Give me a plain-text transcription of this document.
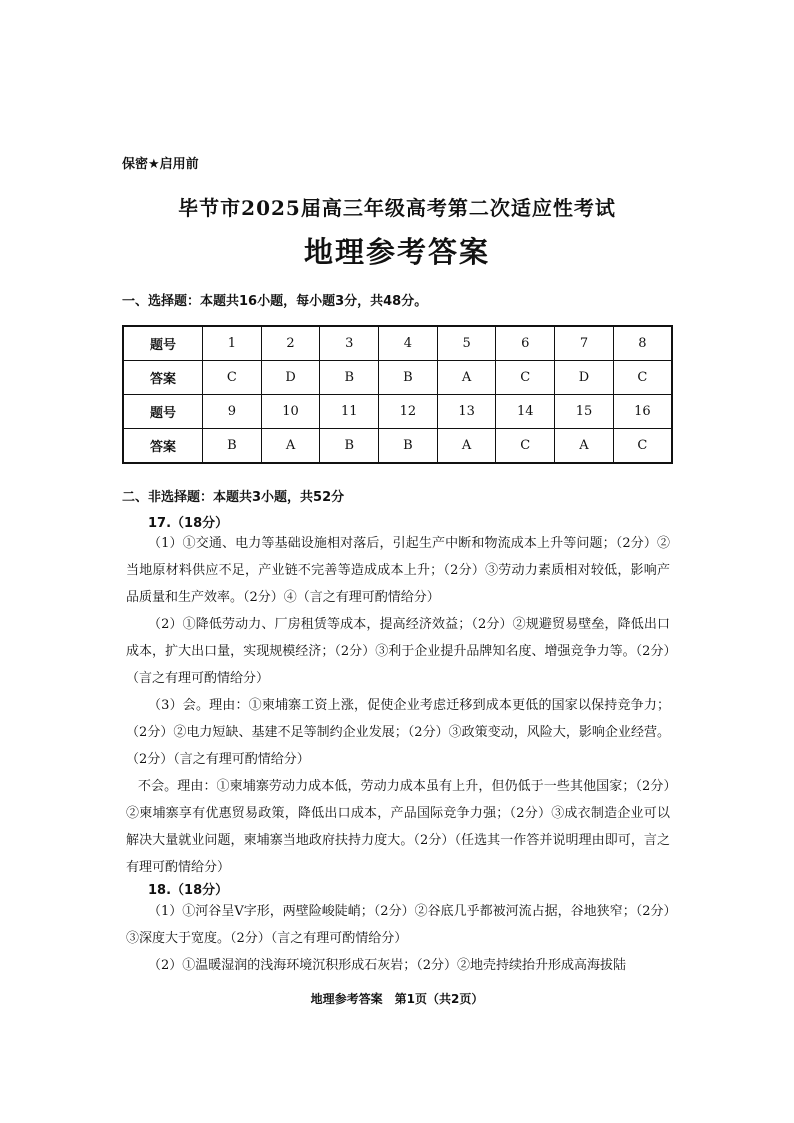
保密★启用前
毕节市2025届高三年级高考第二次适应性考试
地理参考答案
一、选择题：本题共16小题，每小题3分，共48分。
题号	1	2	3	4	5	6	7	8
答案	C	D	B	B	A	C	D	C
题号	9	10	11	12	13	14	15	16
答案	B	A	B	B	A	C	A	C
二、非选择题：本题共3小题，共52分
17.（18分）
（1）①交通、电力等基础设施相对落后，引起生产中断和物流成本上升等问题；（2分）②当地原材料供应不足，产业链不完善等造成成本上升；（2分）③劳动力素质相对较低，影响产品质量和生产效率。（2分）④（言之有理可酌情给分）
（2）①降低劳动力、厂房租赁等成本，提高经济效益；（2分）②规避贸易壁垒，降低出口成本，扩大出口量，实现规模经济；（2分）③利于企业提升品牌知名度、增强竞争力等。（2分）（言之有理可酌情给分）
（3）会。理由：①柬埔寨工资上涨，促使企业考虑迁移到成本更低的国家以保持竞争力；（2分）②电力短缺、基建不足等制约企业发展；（2分）③政策变动，风险大，影响企业经营。（2分）（言之有理可酌情给分）
不会。理由：①柬埔寨劳动力成本低，劳动力成本虽有上升，但仍低于一些其他国家；（2分）②柬埔寨享有优惠贸易政策，降低出口成本，产品国际竞争力强；（2分）③成衣制造企业可以解决大量就业问题，柬埔寨当地政府扶持力度大。（2分）（任选其一作答并说明理由即可，言之有理可酌情给分）
18.（18分）
（1）①河谷呈V字形，两壁险峻陡峭；（2分）②谷底几乎都被河流占据，谷地狭窄；（2分）③深度大于宽度。（2分）（言之有理可酌情给分）
（2）①温暖湿润的浅海环境沉积形成石灰岩；（2分）②地壳持续抬升形成高海拔陆
地理参考答案　第1页（共2页）
